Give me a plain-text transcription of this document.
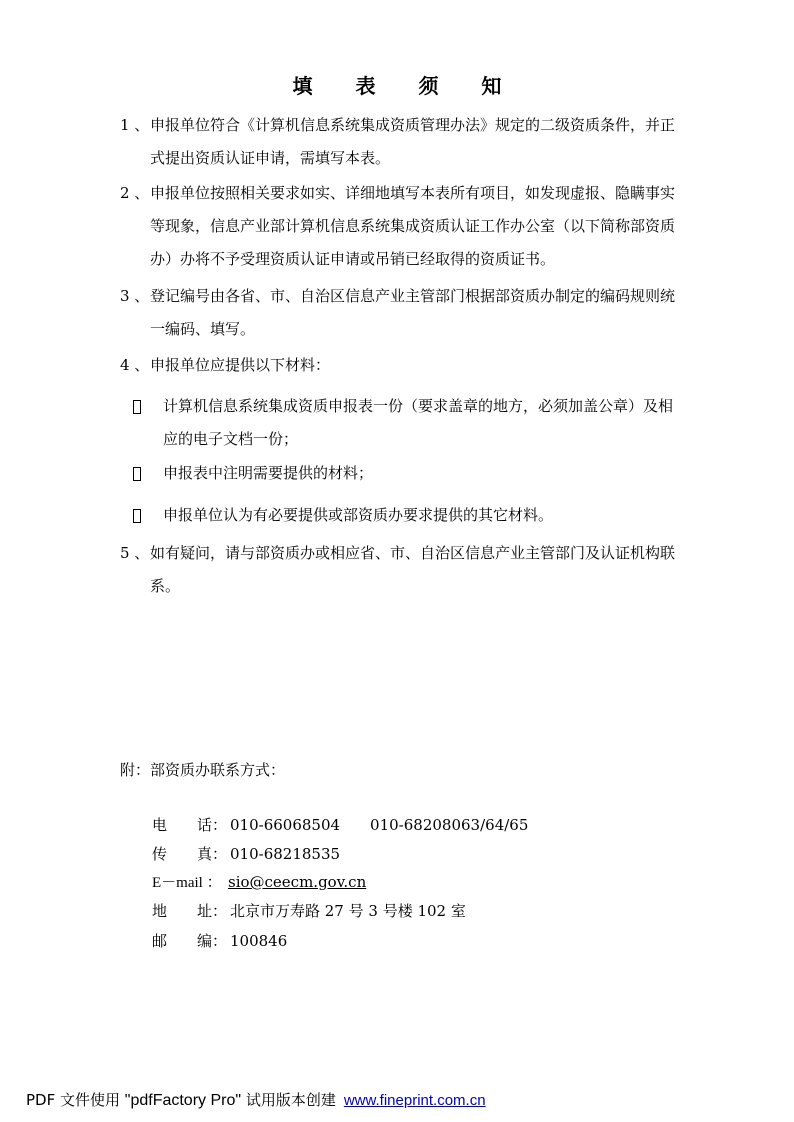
填 表 须 知
1 、 申报单位符合《计算机信息系统集成资质管理办法》规定的二级资质条件，并正
式提出资质认证申请，需填写本表。
2 、 申报单位按照相关要求如实、详细地填写本表所有项目，如发现虚报、隐瞒事实
等现象，信息产业部计算机信息系统集成资质认证工作办公室（以下简称部资质
办）办将不予受理资质认证申请或吊销已经取得的资质证书。
3 、 登记编号由各省、市、自治区信息产业主管部门根据部资质办制定的编码规则统
一编码、填写。
4 、 申报单位应提供以下材料：
计算机信息系统集成资质申报表一份（要求盖章的地方，必须加盖公章）及相
应的电子文档一份；
申报表中注明需要提供的材料；
申报单位认为有必要提供或部资质办要求提供的其它材料。
5 、 如有疑问，请与部资质办或相应省、市、自治区信息产业主管部门及认证机构联
系。
附：部资质办联系方式：
电　　话： 010-66068504 010-68208063/64/65
传　　真： 010-68218535
E－mail ： sio@ceecm.gov.cn
地　　址： 北京市万寿路 27 号 3 号楼 102 室
邮　　编： 100846
PDF 文件使用 "pdfFactory Pro" 试用版本创建 www.fineprint.com.cn
